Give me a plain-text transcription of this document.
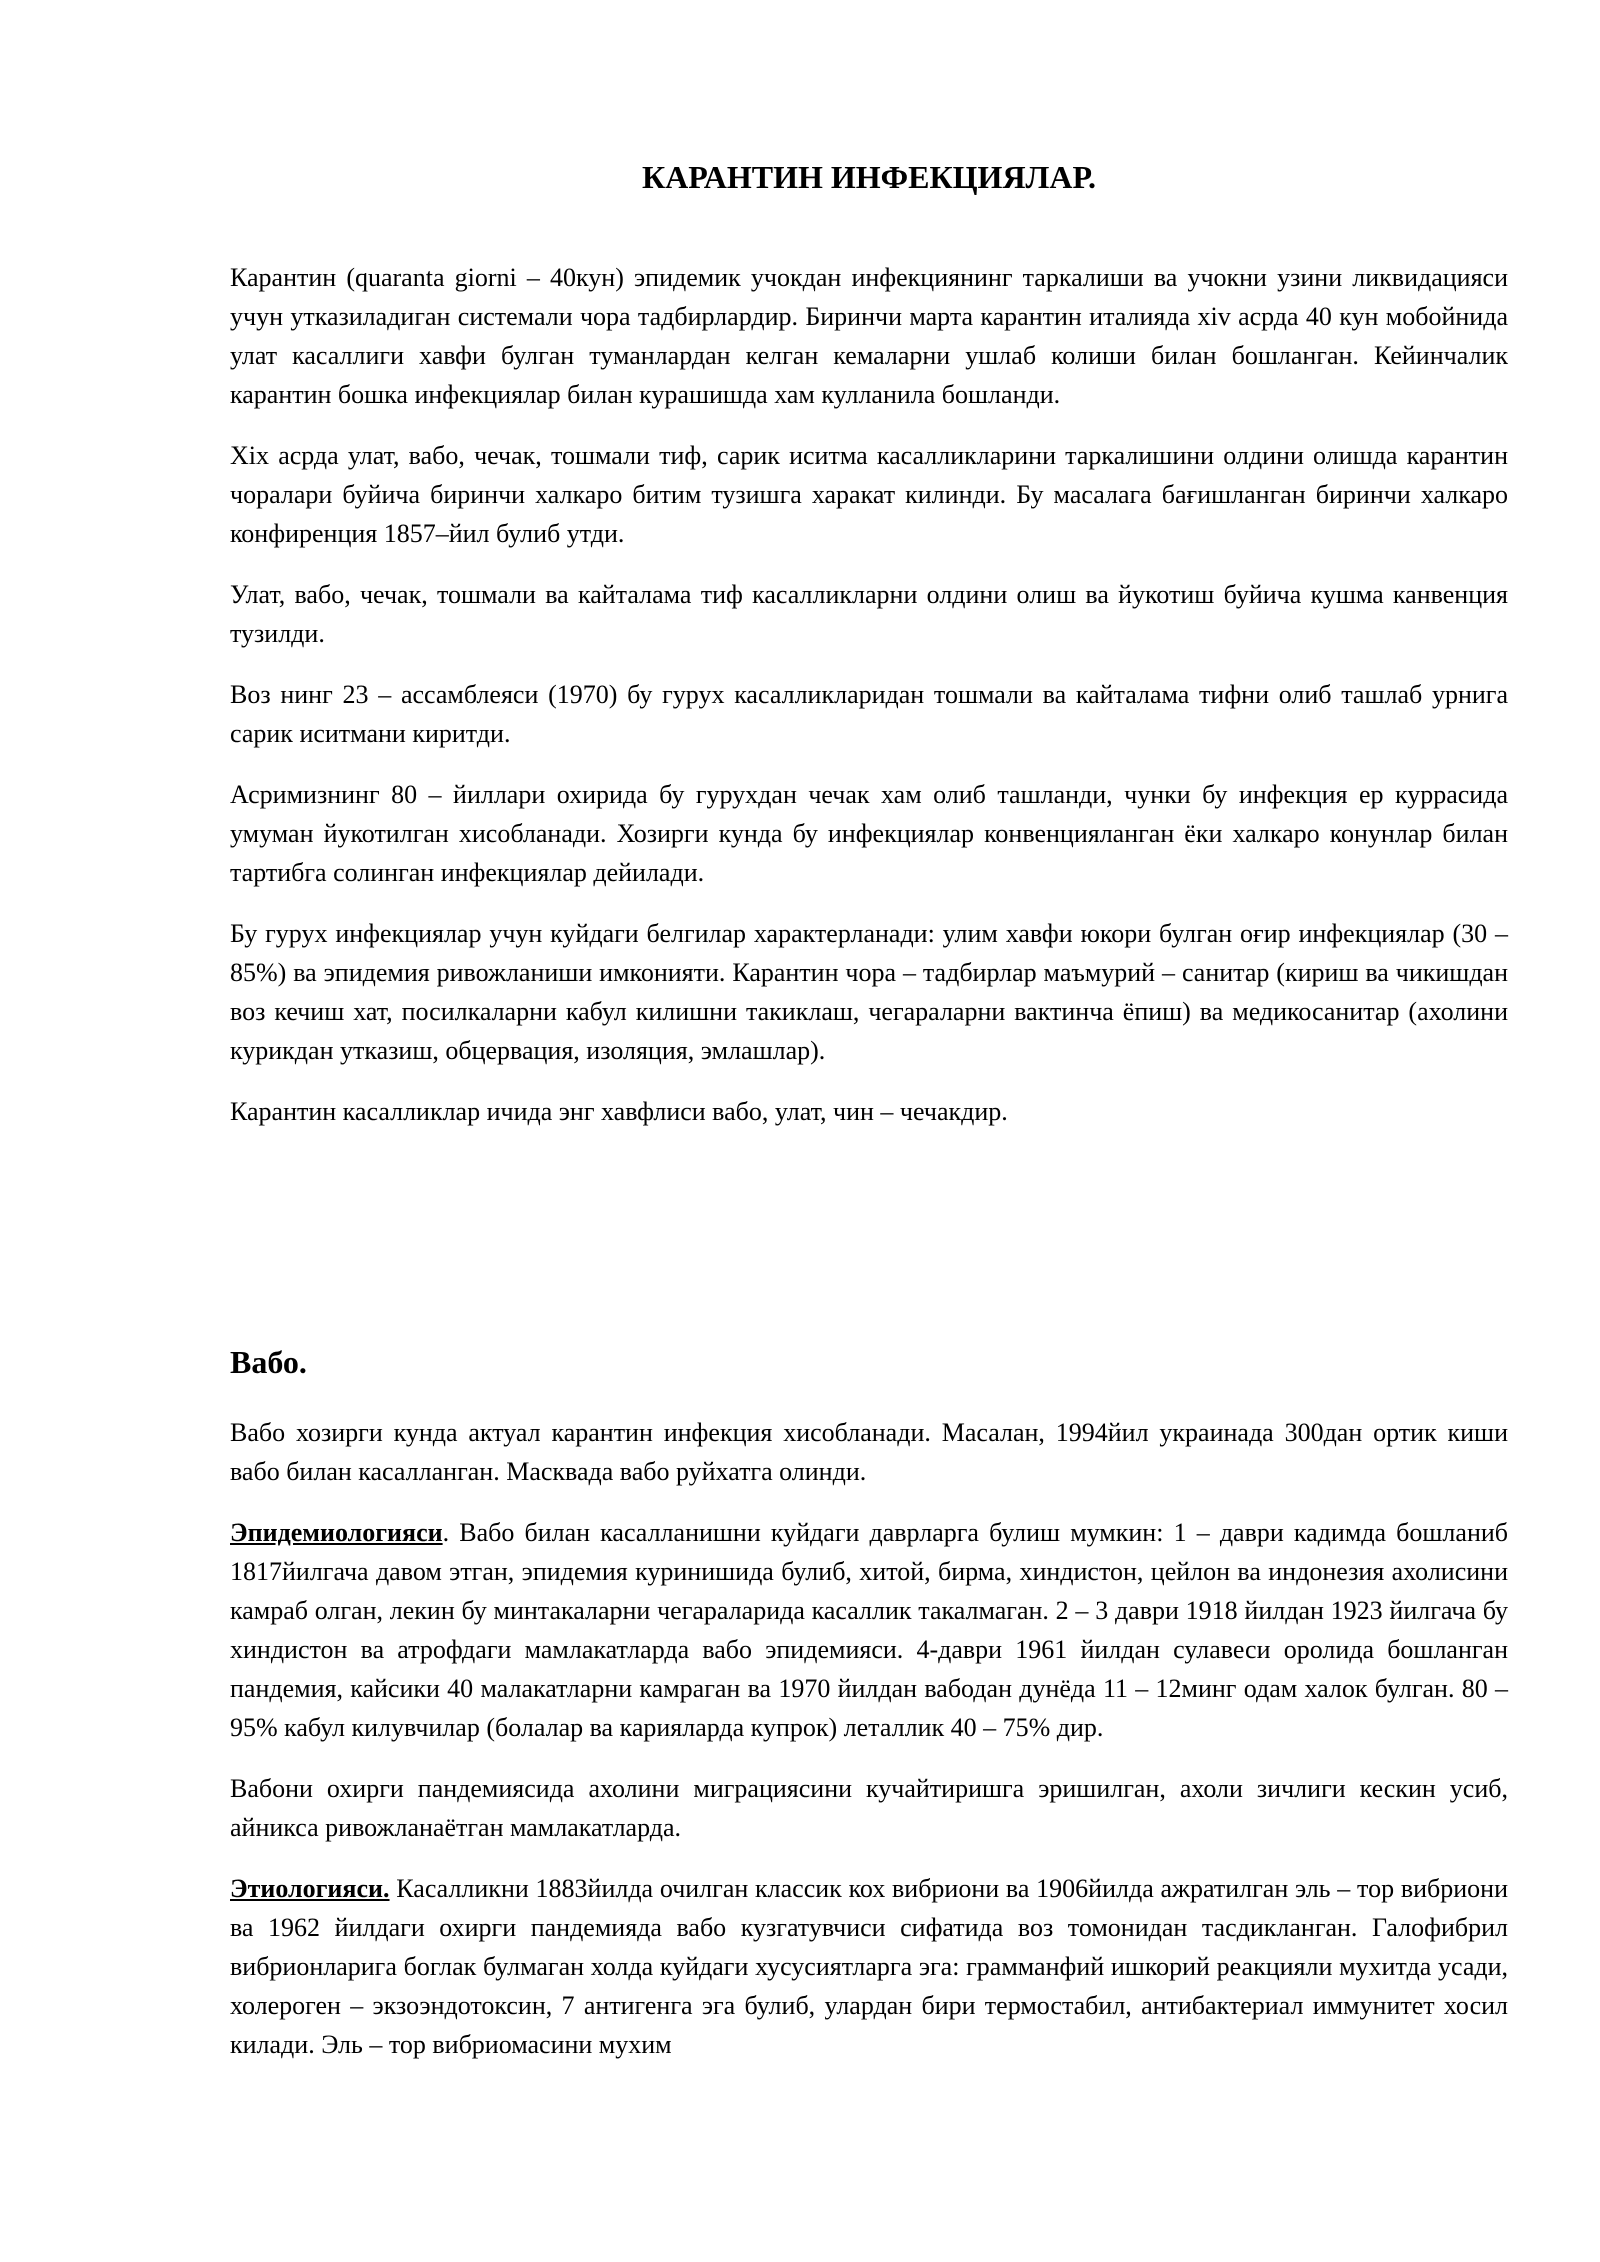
КАРАНТИН ИНФЕКЦИЯЛАР.

Карантин (quaranta giorni – 40кун) эпидемик учокдан инфекциянинг таркалиши ва учокни узини ликвидацияси учун утказиладиган системали чора тадбирлардир. Биринчи марта карантин италияда xiv асрда 40 кун мобойнида улат касаллиги хавфи булган туманлардан келган кемаларни ушлаб колиши билан бошланган. Кейинчалик карантин бошка инфекциялар билан курашишда хам кулланила бошланди.

Xix асрда улат, вабо, чечак, тошмали тиф, сарик иситма касалликларини таркалишини олдини олишда карантин чоралари буйича биринчи халкаро битим тузишга харакат килинди. Бу масалага бағишланган биринчи халкаро конфиренция 1857–йил булиб утди.

Улат, вабо, чечак, тошмали ва кайталама тиф касалликларни олдини олиш ва йукотиш буйича кушма канвенция тузилди.

Воз нинг 23 – ассамблеяси (1970) бу гурух касалликларидан тошмали ва кайталама тифни олиб ташлаб урнига сарик иситмани киритди.

Асримизнинг 80 – йиллари охирида бу гурухдан чечак хам олиб ташланди, чунки бу инфекция ер куррасида умуман йукотилган хисобланади. Хозирги кунда бу инфекциялар конвенцияланган ёки халкаро конунлар билан тартибга солинган инфекциялар дейилади.

Бу гурух инфекциялар учун куйдаги белгилар характерланади: улим хавфи юкори булган оғир инфекциялар (30 – 85%) ва эпидемия ривожланиши имконияти. Карантин чора – тадбирлар маъмурий – санитар (кириш ва чикишдан воз кечиш хат, посилкаларни кабул килишни такиклаш, чегараларни вактинча ёпиш) ва медикосанитар (ахолини курикдан утказиш, обцервация, изоляция, эмлашлар).

Карантин касалликлар ичида энг хавфлиси вабо, улат, чин – чечакдир.

Вабо.

Вабо хозирги кунда актуал карантин инфекция хисобланади. Масалан, 1994йил украинада 300дан ортик киши вабо билан касалланган. Масквада вабо руйхатга олинди.

Эпидемиологияси. Вабо билан касалланишни куйдаги даврларга булиш мумкин: 1 – даври кадимда бошланиб 1817йилгача давом этган, эпидемия куринишида булиб, хитой, бирма, хиндистон, цейлон ва индонезия ахолисини камраб олган, лекин бу минтакаларни чегараларида касаллик такалмаган. 2 – 3 даври 1918 йилдан 1923 йилгача бу хиндистон ва атрофдаги мамлакатларда вабо эпидемияси. 4-даври 1961 йилдан сулавеси оролида бошланган пандемия, кайсики 40 малакатларни камраган ва 1970 йилдан вабодан дунёда 11 – 12минг одам халок булган. 80 – 95% кабул килувчилар (болалар ва карияларда купрок) леталлик 40 – 75% дир.

Вабони охирги пандемиясида ахолини миграциясини кучайтиришга эришилган, ахоли зичлиги кескин усиб, айникса ривожланаётган мамлакатларда.

Этиологияси. Касалликни 1883йилда очилган классик кох вибриони ва 1906йилда ажратилган эль – тор вибриони ва 1962 йилдаги охирги пандемияда вабо кузгатувчиси сифатида воз томонидан тасдикланган. Галофибрил вибрионларига боглак булмаган холда куйдаги хусусиятларга эга: грамманфий ишкорий реакцияли мухитда усади, холероген – экзоэндотоксин, 7 антигенга эга булиб, улардан бири термостабил, антибактериал иммунитет хосил килади. Эль – тор вибриомасини мухим
